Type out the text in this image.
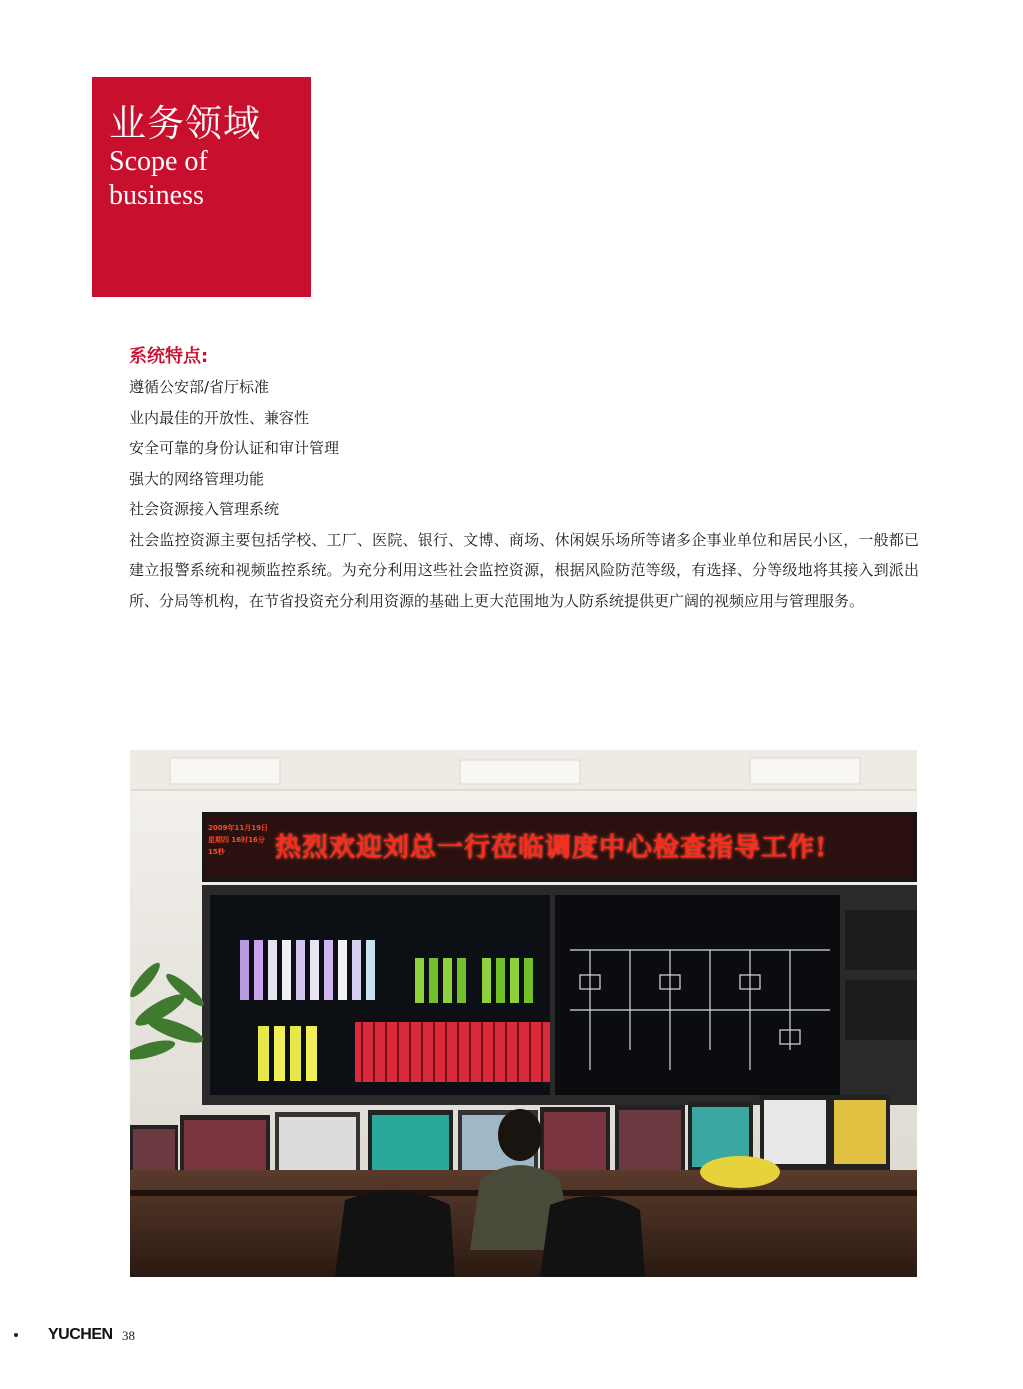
业务领域
Scope of business
系统特点:
遵循公安部/省厅标准
业内最佳的开放性、兼容性
安全可靠的身份认证和审计管理
强大的网络管理功能
社会资源接入管理系统

社会监控资源主要包括学校、工厂、医院、银行、文博、商场、休闲娱乐场所等诸多企事业单位和居民小区，一般都已建立报警系统和视频监控系统。为充分利用这些社会监控资源，根据风险防范等级，有选择、分等级地将其接入到派出所、分局等机构，在节省投资充分利用资源的基础上更大范围地为人防系统提供更广阔的视频应用与管理服务。

2009年11月19日 星期四 16时16分15秒	热烈欢迎刘总一行莅临调度中心检查指导工作!
YUCHEN 38
